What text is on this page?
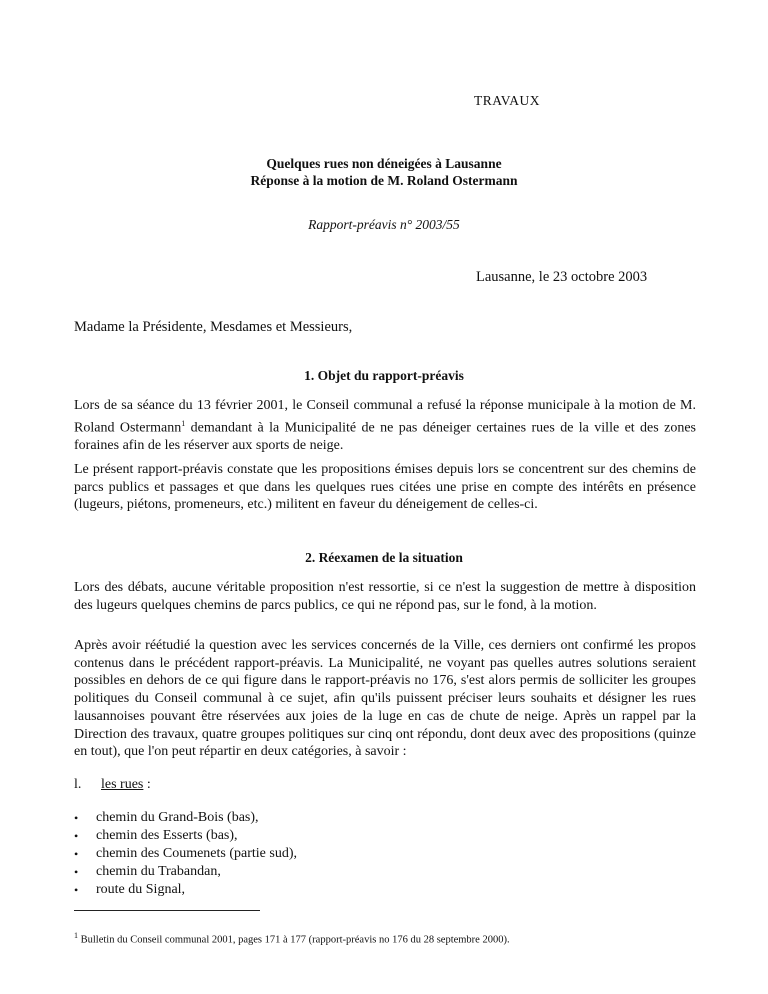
TRAVAUX
Quelques rues non déneigées à Lausanne
Réponse à la motion de M. Roland Ostermann
Rapport-préavis n° 2003/55
Lausanne, le 23 octobre 2003
Madame la Présidente, Mesdames et Messieurs,
1. Objet du rapport-préavis
Lors de sa séance du 13 février 2001, le Conseil communal a refusé la réponse municipale à la motion de M. Roland Ostermann$^1$ demandant à la Municipalité de ne pas déneiger certaines rues de la ville et des zones foraines afin de les réserver aux sports de neige.
Le présent rapport-préavis constate que les propositions émises depuis lors se concentrent sur des chemins de parcs publics et passages et que dans les quelques rues citées une prise en compte des intérêts en présence (lugeurs, piétons, promeneurs, etc.) militent en faveur du déneigement de celles-ci.
2. Réexamen de la situation
Lors des débats, aucune véritable proposition n'est ressortie, si ce n'est la suggestion de mettre à disposition des lugeurs quelques chemins de parcs publics, ce qui ne répond pas, sur le fond, à la motion.
Après avoir réétudié la question avec les services concernés de la Ville, ces derniers ont confirmé les propos contenus dans le précédent rapport-préavis. La Municipalité, ne voyant pas quelles autres solutions seraient possibles en dehors de ce qui figure dans le rapport-préavis no 176, s'est alors permis de solliciter les groupes politiques du Conseil communal à ce sujet, afin qu'ils puissent préciser leurs souhaits et désigner les rues lausannoises pouvant être réservées aux joies de la luge en cas de chute de neige. Après un rappel par la Direction des travaux, quatre groupes politiques sur cinq ont répondu, dont deux avec des propositions (quinze en tout), que l'on peut répartir en deux catégories, à savoir :
l. les rues :
• chemin du Grand-Bois (bas),
• chemin des Esserts (bas),
• chemin des Coumenets (partie sud),
• chemin du Trabandan,
• route du Signal,
$^1$ Bulletin du Conseil communal 2001, pages 171 à 177 (rapport-préavis no 176 du 28 septembre 2000).
